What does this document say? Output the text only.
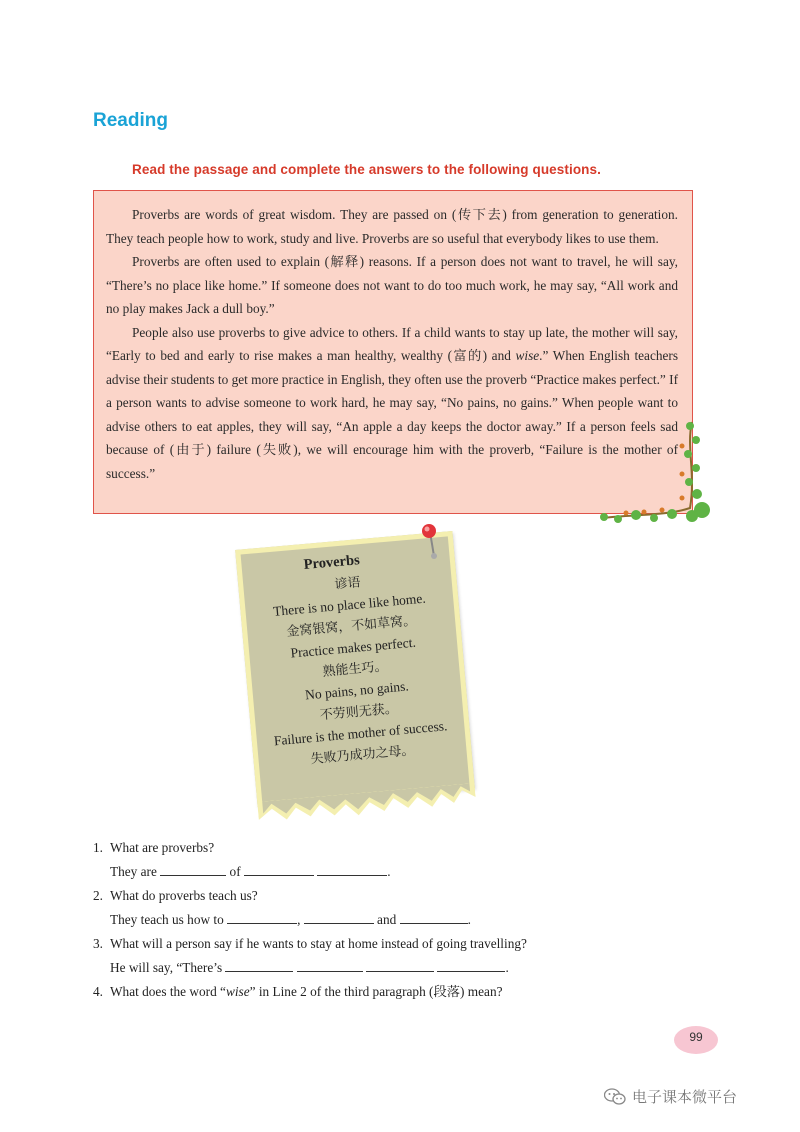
Reading
Read the passage and complete the answers to the following questions.

Proverbs are words of great wisdom. They are passed on (传下去) from generation to generation. They teach people how to work, study and live. Proverbs are so useful that everybody likes to use them.

Proverbs are often used to explain (解释) reasons. If a person does not want to travel, he will say, “There’s no place like home.” If someone does not want to do too much work, he may say, “All work and no play makes Jack a dull boy.”

People also use proverbs to give advice to others. If a child wants to stay up late, the mother will say, “Early to bed and early to rise makes a man healthy, wealthy (富的) and wise.” When English teachers advise their students to get more practice in English, they often use the proverb “Practice makes perfect.” If a person wants to advise someone to work hard, he may say, “No pains, no gains.” When people want to advise others to eat apples, they will say, “An apple a day keeps the doctor away.” If a person feels sad because of (由于) failure (失败), we will encourage him with the proverb, “Failure is the mother of success.”

Proverbs
谚语
There is no place like home.
金窝银窝，不如草窝。
Practice makes perfect.
熟能生巧。
No pains, no gains.
不劳则无获。
Failure is the mother of success.
失败乃成功之母。
1. What are proverbs?
They are	of	.
2. What do proverbs teach us?
They teach us how to	,	and	.
3. What will a person say if he wants to stay at home instead of going travelling?
He will say, “There’s	.
4. What does the word “wise” in Line 2 of the third paragraph (段落) mean?
99
电子课本微平台
